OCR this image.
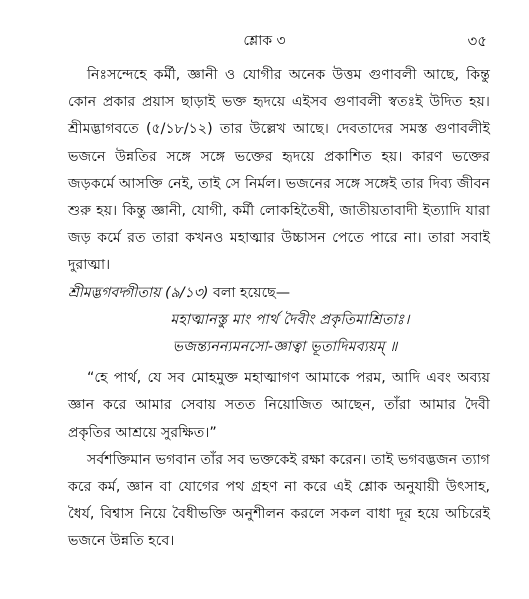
শ্লোক ৩	৩৫

নিঃসন্দেহে কর্মী, জ্ঞানী ও যোগীর অনেক উত্তম গুণাবলী আছে, কিন্তু কোন প্রকার প্রয়াস ছাড়াই ভক্ত হৃদয়ে এইসব গুণাবলী স্বতঃই উদিত হয়। শ্রীমদ্ভাগবতে (৫/১৮/১২) তার উল্লেখ আছে। দেবতাদের সমস্ত গুণাবলীই ভজনে উন্নতির সঙ্গে সঙ্গে ভক্তের হৃদয়ে প্রকাশিত হয়। কারণ ভক্তের জড়কর্মে আসক্তি নেই, তাই সে নির্মল। ভজনের সঙ্গে সঙ্গেই তার দিব্য জীবন শুরু হয়। কিন্তু জ্ঞানী, যোগী, কর্মী লোকহিতৈষী, জাতীয়তাবাদী ইত্যাদি যারা জড় কর্মে রত তারা কখনও মহাত্মার উচ্চাসন পেতে পারে না। তারা সবাই দুরাত্মা।

শ্রীমদ্ভগবদ্গীতায় (৯/১৩) বলা হয়েছে—

মহাত্মানস্তু মাং পার্থ দৈবীং প্রকৃতিমাশ্রিতাঃ।

ভজন্ত্যনন্যমনসো-জ্ঞাত্বা ভূতাদিমব্যয়ম্ ॥

“হে পার্থ, যে সব মোহমুক্ত মহাত্মাগণ আমাকে পরম, আদি এবং অব্যয় জ্ঞান করে আমার সেবায় সতত নিয়োজিত আছেন, তাঁরা আমার দৈবী প্রকৃতির আশ্রয়ে সুরক্ষিত।”

সর্বশক্তিমান ভগবান তাঁর সব ভক্তকেই রক্ষা করেন। তাই ভগবদ্ভজন ত্যাগ করে কর্ম, জ্ঞান বা যোগের পথ গ্রহণ না করে এই শ্লোক অনুযায়ী উৎসাহ, ধৈর্য, বিশ্বাস নিয়ে বৈধীভক্তি অনুশীলন করলে সকল বাধা দূর হয়ে অচিরেই ভজনে উন্নতি হবে।
